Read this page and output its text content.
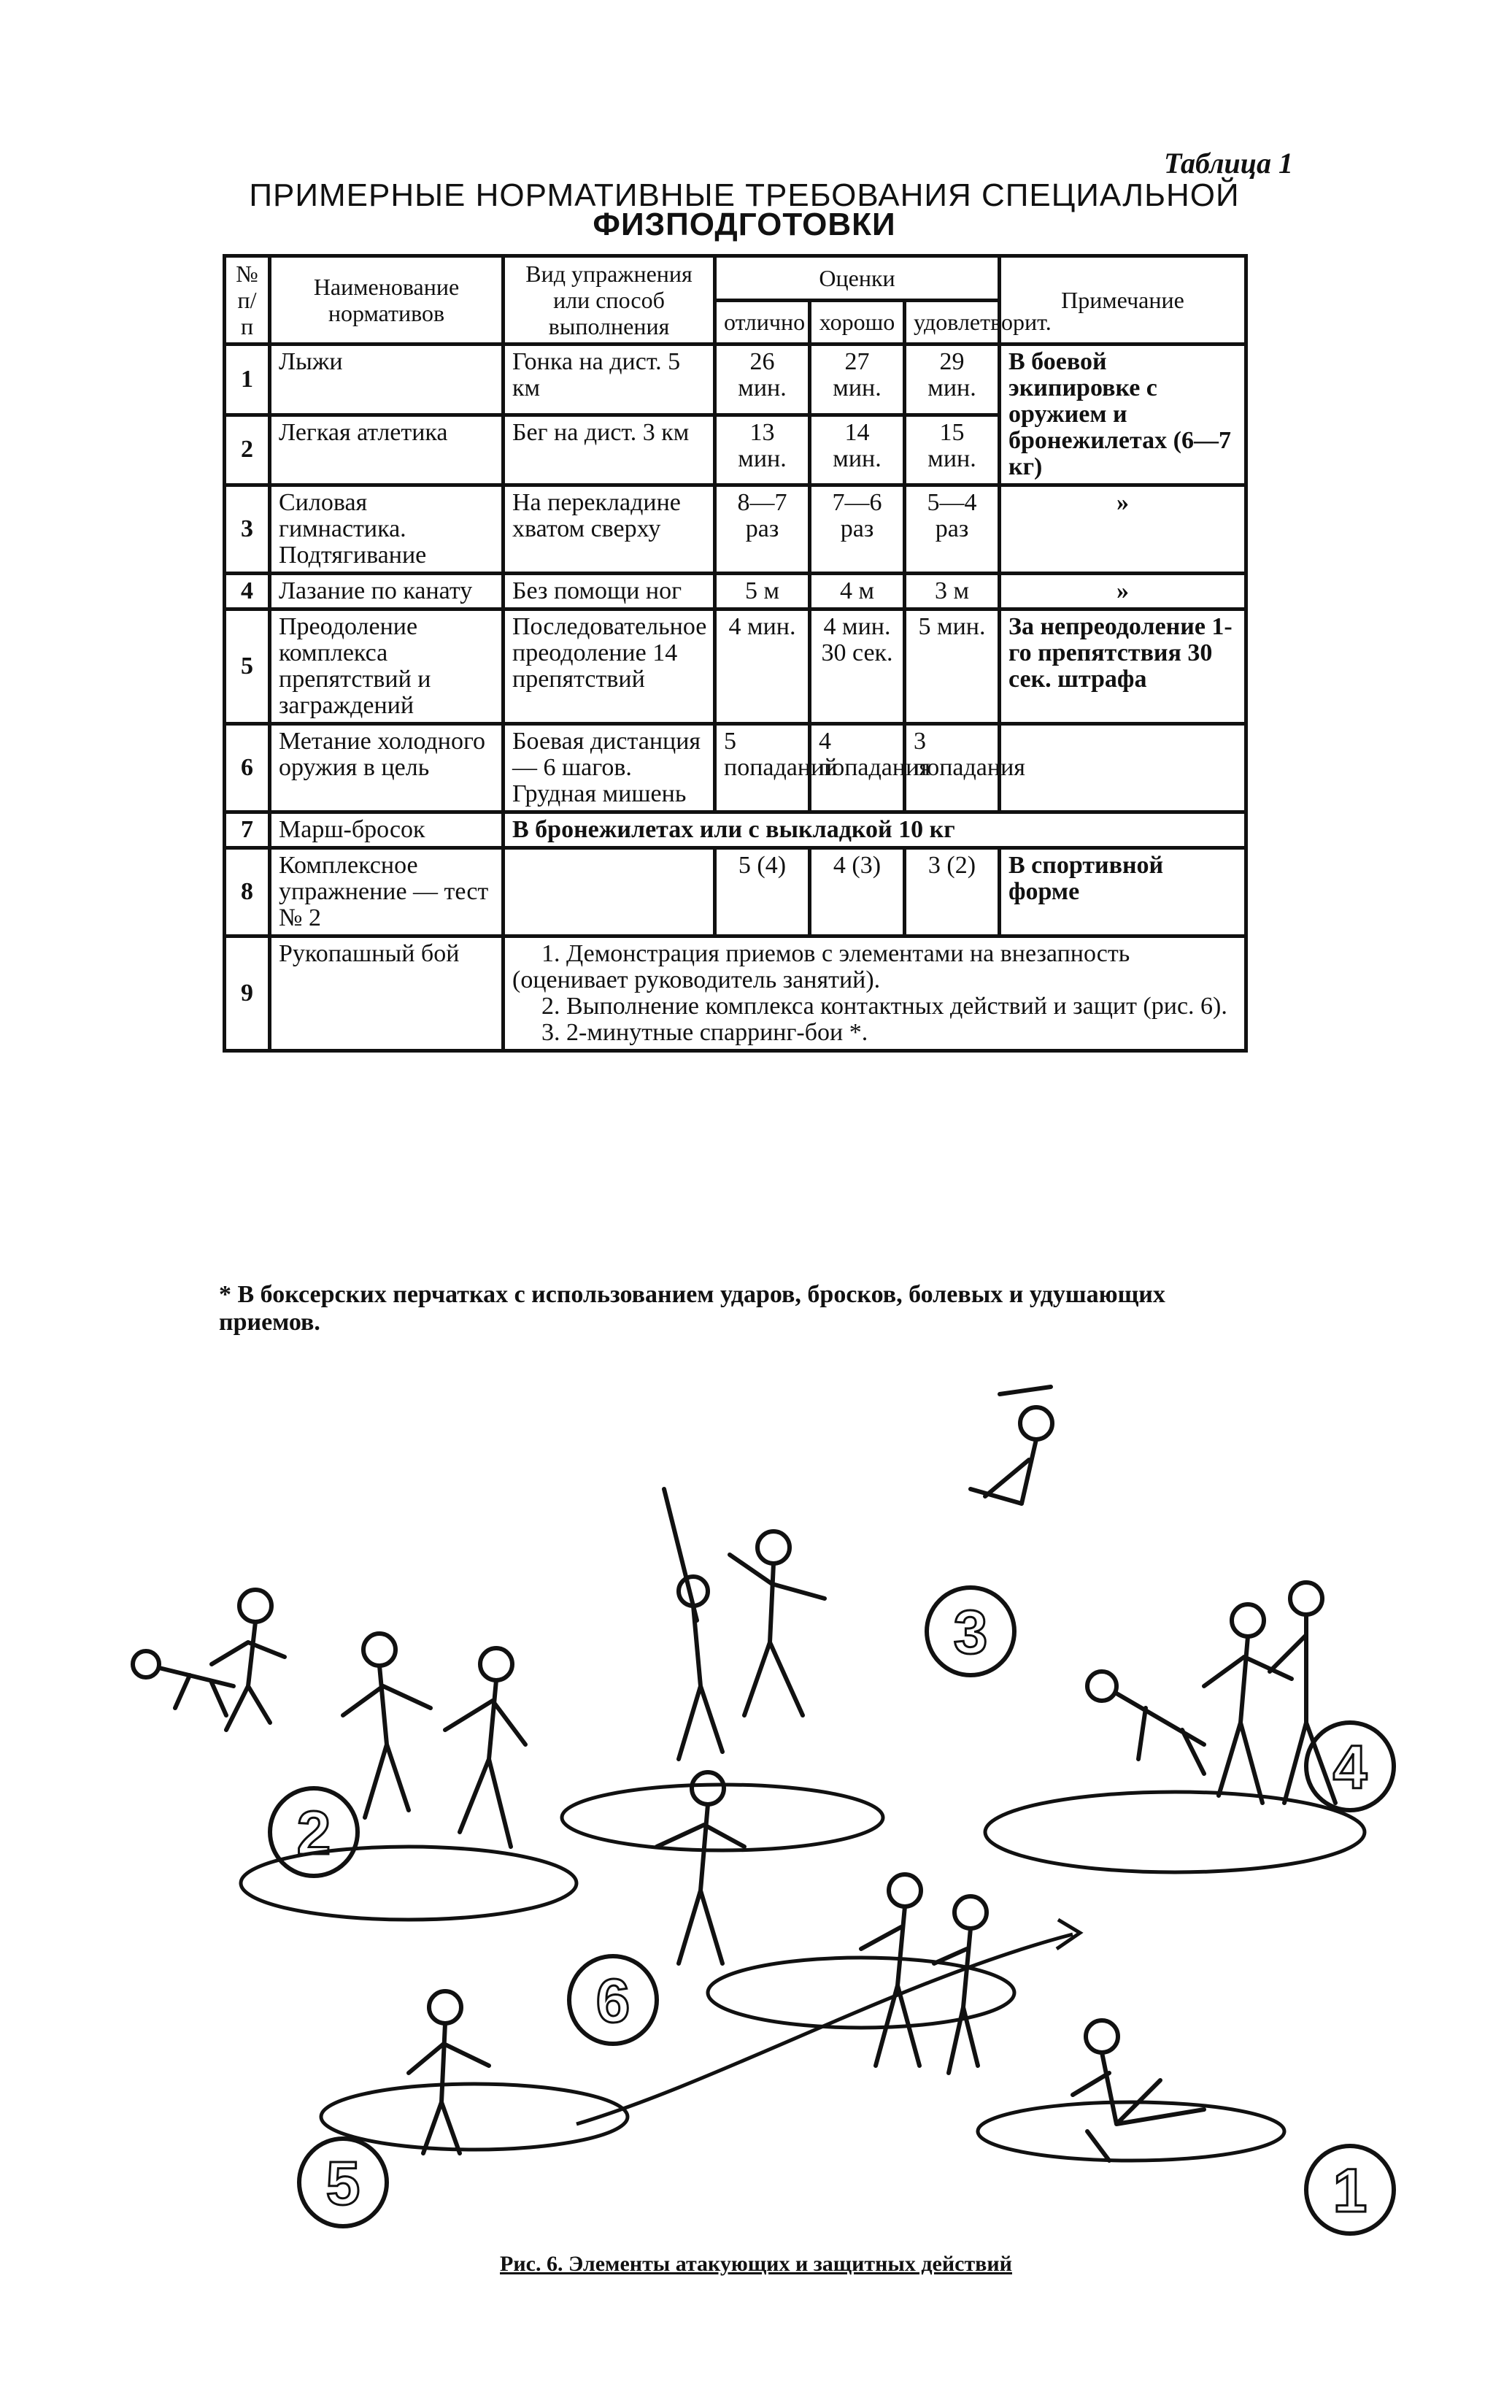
Таблица 1
ПРИМЕРНЫЕ НОРМАТИВНЫЕ ТРЕБОВАНИЯ СПЕЦИАЛЬНОЙ
ФИЗПОДГОТОВКИ
№ п/п	Наименование нормативов	Вид упражнения или способ выполнения	Оценки			Примечание
			отлично	хорошо	удовлетворит.	
1	Лыжи	Гонка на дист. 5 км	26 мин.	27 мин.	29 мин.	В боевой экипировке с оружием и бронежилетах (6—7 кг)
2	Легкая атлетика	Бег на дист. 3 км	13 мин.	14 мин.	15 мин.	
3	Силовая гимнастика. Подтягивание	На перекладине хватом сверху	8—7 раз	7—6 раз	5—4 раз	»
4	Лазание по канату	Без помощи ног	5 м	4 м	3 м	»
5	Преодоление комплекса препятствий и заграждений	Последовательное преодоление 14 препятствий	4 мин.	4 мин. 30 сек.	5 мин.	За непреодоление 1-го препятствия 30 сек. штрафа
6	Метание холодного оружия в цель	Боевая дистанция — 6 шагов. Грудная мишень	5 попаданий	4 попадания	3 попадания	
7	Марш-бросок	В бронежилетах или с выкладкой 10 кг				
8	Комплексное упражнение — тест № 2		5 (4)	4 (3)	3 (2)	В спортивной форме
9	Рукопашный бой	1. Демонстрация приемов с элементами на внезапность (оценивает руководитель занятий).

2. Выполнение комплекса контактных действий и защит (рис. 6).

3. 2-минутные спарринг-бои *.				

* В боксерских перчатках с использованием ударов, бросков, болевых и удушающих приемов.
2
3
4
6
5	1
Рис. 6. Элементы атакующих и защитных действий
